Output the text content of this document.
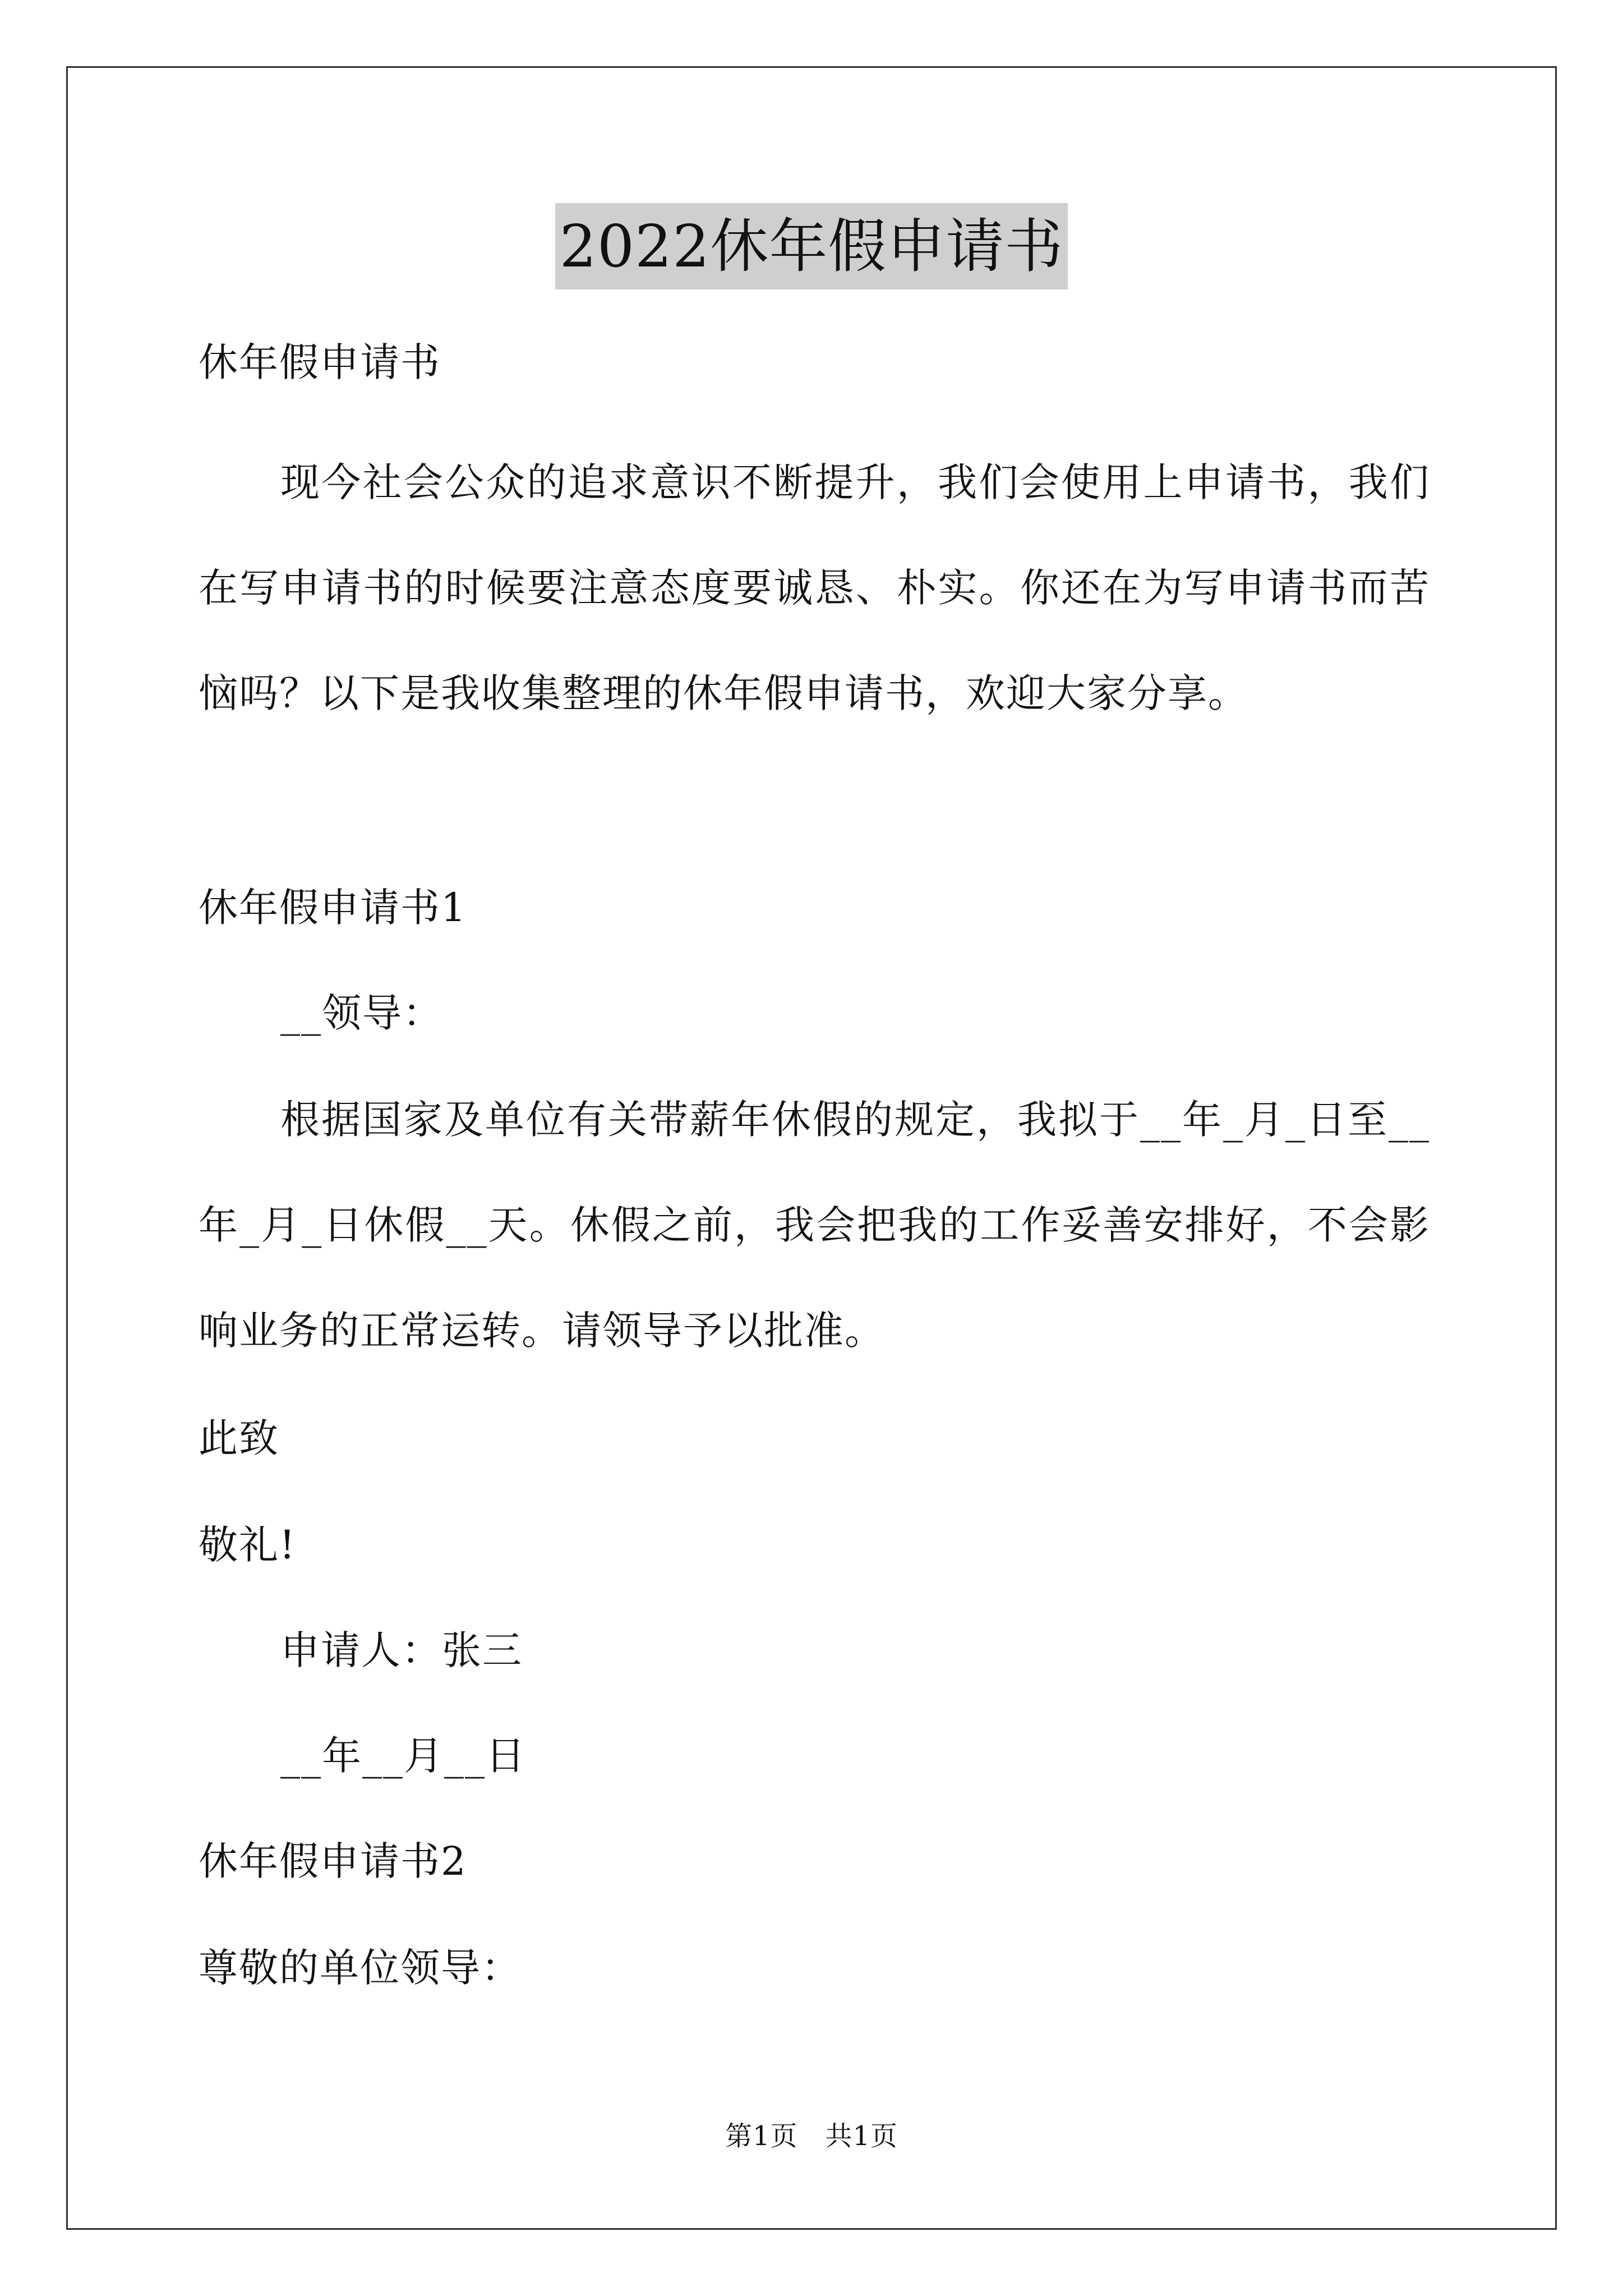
2022休年假申请书
休年假申请书
现今社会公众的追求意识不断提升，我们会使用上申请书，我们
在写申请书的时候要注意态度要诚恳、朴实。你还在为写申请书而苦
恼吗？以下是我收集整理的休年假申请书，欢迎大家分享。
休年假申请书1
__领导：
根据国家及单位有关带薪年休假的规定，我拟于__年_月_日至__
年_月_日休假__天。休假之前，我会把我的工作妥善安排好，不会影
响业务的正常运转。请领导予以批准。
此致
敬礼!
申请人：张三
__年__月__日
休年假申请书2
尊敬的单位领导：
第1页　共1页
